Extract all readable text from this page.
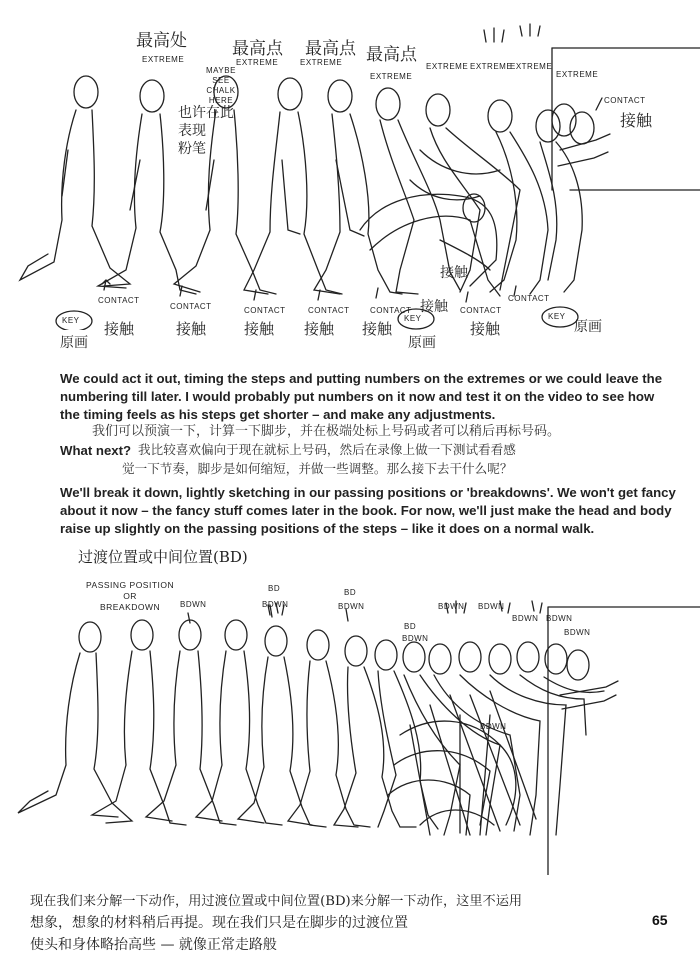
最高处	最高点 最高点 最高点
EXTREME	EXTREME	EXTREME
EXTREME
EXTREME EXTREME
EXTREME
EXTREME
MAYBE
SEE
CHALK
HERE
也许在此
表现
粉笔
CONTACT
接触
接触
接触
KEY	KEY	KEY
原画	原画
原画
CONTACT
CONTACT	CONTACT	CONTACT	CONTACT	CONTACT
CONTACT
接触	接触	接触 接触 接触	接触
We could act it out, timing the steps and putting numbers on the extremes or we could leave the numbering till later. I would probably put numbers on it now and test it on the video to see how the timing feels as his steps get shorter – and make any adjustments.
我们可以预演一下，计算一下脚步，并在极端处标上号码或者可以稍后再标号码。
What next? 我比较喜欢偏向于现在就标上号码，然后在录像上做一下测试看看感
觉一下节奏，脚步是如何缩短，并做一些调整。那么接下去干什么呢？
We'll break it down, lightly sketching in our passing positions or 'breakdowns'. We won't get fancy about it now – the fancy stuff comes later in the book. For now, we'll just make the head and body raise up slightly on the passing positions of the steps – like it does on a normal walk.
过渡位置或中间位置(BD)
PASSING POSITION
OR
BREAKDOWN
BD	BD
BD
BDWN	BDWN	BDWN
BDWN
BDWN BDWN
BDWN BDWN
BDWN
BDWN
现在我们来分解一下动作，用过渡位置或中间位置(BD)来分解一下动作，这里不运用
想象，想象的材料稍后再提。现在我们只是在脚步的过渡位置	65
使头和身体略抬高些 — 就像正常走路般
